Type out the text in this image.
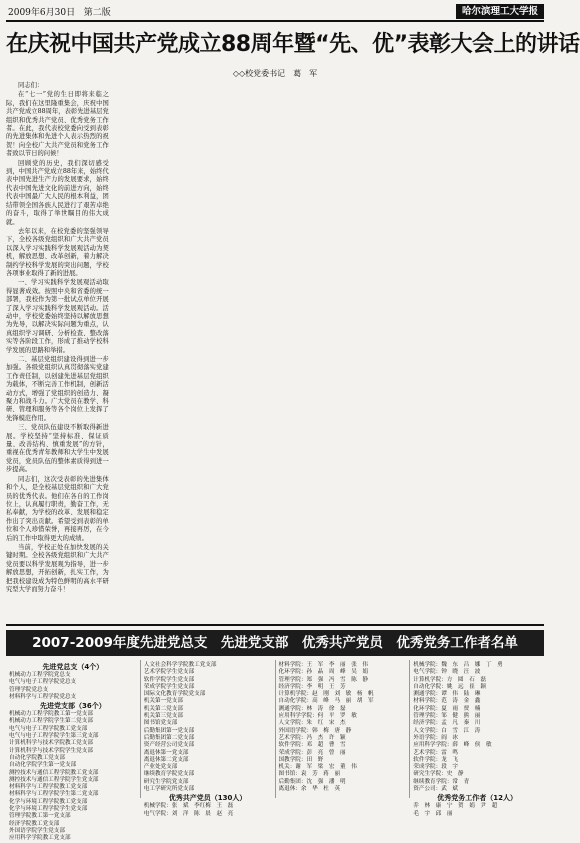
2009年6月30日 第二版	哈尔滨理工大学报
在庆祝中国共产党成立88周年暨“先、优”表彰大会上的讲话
◇◇校党委书记　葛　军

同志们：

在“七一”党的生日即将来临之际，我们在这里隆重集会，庆祝中国共产党成立88周年，表彰先进基层党组织和优秀共产党员、优秀党务工作者。在此，我代表校党委向受到表彰的先进集体和先进个人表示热烈的祝贺！向全校广大共产党员和党务工作者致以节日的问候！

回顾党的历史，我们深切感受到，中国共产党成立88年来，始终代表中国先进生产力的发展要求，始终代表中国先进文化的前进方向，始终代表中国最广大人民的根本利益，团结带领全国各族人民进行了艰苦卓绝的奋斗，取得了举世瞩目的伟大成就。

去年以来，在校党委的坚强领导下，全校各级党组织和广大共产党员以深入学习实践科学发展观活动为契机，解放思想、改革创新，着力解决制约学校科学发展的突出问题，学校各项事业取得了新的进展。

一、学习实践科学发展观活动取得显著成效。按照中央和省委的统一部署，我校作为第一批试点单位开展了深入学习实践科学发展观活动。活动中，学校党委始终坚持以解放思想为先导，以解决实际问题为重点，认真组织学习调研、分析检查、整改落实等各阶段工作，形成了推动学校科学发展的思路和举措。

二、基层党组织建设得到进一步加强。各级党组织认真贯彻落实党建工作责任制，以创建先进基层党组织为载体，不断完善工作机制，创新活动方式，增强了党组织的创造力、凝聚力和战斗力。广大党员在教学、科研、管理和服务等各个岗位上发挥了先锋模范作用。

三、党员队伍建设不断取得新进展。学校坚持“坚持标准、保证质量、改善结构、慎重发展”的方针，重视在优秀青年教师和大学生中发展党员，党员队伍的整体素质得到进一步提高。

同志们，这次受表彰的先进集体和个人，是全校基层党组织和广大党员的优秀代表。他们在各自的工作岗位上，认真履行职责，勤奋工作，无私奉献，为学校的改革、发展和稳定作出了突出贡献。希望受到表彰的单位和个人珍惜荣誉，再接再厉，在今后的工作中取得更大的成绩。

当前，学校正处在加快发展的关键时期。全校各级党组织和广大共产党员要以科学发展观为指导，进一步解放思想，开拓创新，扎实工作，为把我校建设成为特色鲜明的高水平研究型大学而努力奋斗！

2007-2009年度先进党总支　先进党支部　优秀共产党员　优秀党务工作者名单
先进党总支（4个）
机械动力工程学院党总支
电气与电子工程学院党总支
管理学院党总支
材料科学与工程学院党总支
先进党支部（36个）
机械动力工程学院教工第一党支部
机械动力工程学院学生第二党支部
电气与电子工程学院教工党支部
电气与电子工程学院学生第三党支部
计算机科学与技术学院教工党支部
计算机科学与技术学院学生党支部
自动化学院教工党支部
自动化学院学生第一党支部
测控技术与通信工程学院教工党支部
测控技术与通信工程学院学生党支部
材料科学与工程学院教工党支部
材料科学与工程学院学生第二党支部
化学与环境工程学院教工党支部
化学与环境工程学院学生党支部
管理学院教工第一党支部
经济学院教工党支部
外国语学院学生党支部
应用科学学院教工党支部
人文社会科学学院教工党支部
艺术学院学生党支部
软件学院学生党支部
荣成学院学生党支部
国际文化教育学院党支部
机关第一党支部
机关第二党支部
机关第三党支部
图书馆党支部
后勤集团第一党支部
后勤集团第二党支部
资产经营公司党支部
离退休第一党支部
离退休第二党支部
产业处党支部
继续教育学院党支部
研究生学院党支部
电工学研究所党支部
优秀共产党员（130人）
机械学院：张　斌　李红梅　王　磊
电气学院：刘　洋　陈　晨　赵　亮
材料学院：王　军　李　丽　张　伟
化环学院：孙　晶　周　峰　吴　娟
管理学院：郑　强　冯　雪　陈　静
经济学院：李　明　王　芳
计算机学院：赵　刚　刘　敏　杨　帆
自动化学院：高　峰　马　丽　胡　军
测通学院：林　涛　徐　磊
应用科学学院：何　平　罗　敏
人文学院：朱　红　宋　杰
外国语学院：韩　梅　唐　静
艺术学院：冯　杰　许　颖
软件学院：邓　超　曹　雪
荣成学院：彭　亮　曾　丽
国教学院：田　野
机关：谢　军　梁　宏　董　伟
图书馆：袁　芳　蒋　丽
后勤集团：沈　强　潘　明
离退休：余　华　杜　英
机械学院：魏　东　吕　娜　丁　勇
电气学院：钟　晓　汪　波
计算机学院：方　圆　石　磊
自动化学院：姚　远　崔　颖
测通学院：谭　伟　陆　琳
材料学院：范　涛　金　鑫
化环学院：夏　雨　贾　楠
管理学院：邹　健　熊　丽
经济学院：孟　凡　秦　川
人文学院：白　雪　江　涛
外语学院：阎　冰
应用科学学院：薛　峰　侯　敏
艺术学院：雷　鸣
软件学院：龙　飞
荣成学院：段　宇
研究生学院：史　静
继续教育学院：常　青
资产公司：武　斌
优秀党务工作者（12人）
乔　林　康　宁　贺　娟　尹　超
毛　宇　邱　丽
